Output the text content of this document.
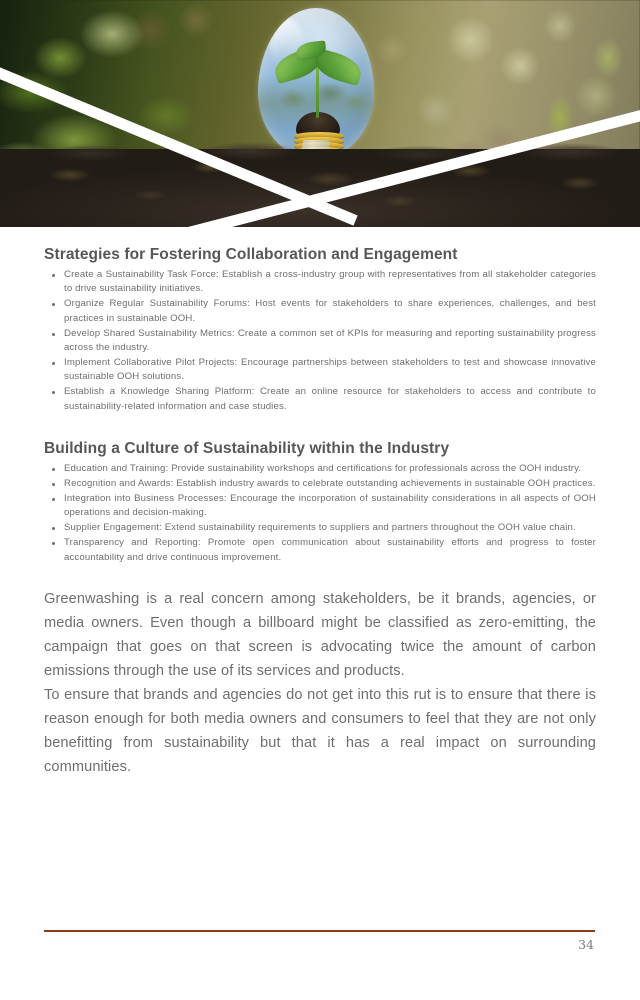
Strategies for Fostering Collaboration and Engagement
Create a Sustainability Task Force: Establish a cross-industry group with representatives from all stakeholder categories to drive sustainability initiatives.
Organize Regular Sustainability Forums: Host events for stakeholders to share experiences, challenges, and best practices in sustainable OOH.
Develop Shared Sustainability Metrics: Create a common set of KPIs for measuring and reporting sustainability progress across the industry.
Implement Collaborative Pilot Projects: Encourage partnerships between stakeholders to test and showcase innovative sustainable OOH solutions.
Establish a Knowledge Sharing Platform: Create an online resource for stakeholders to access and contribute to sustainability-related information and case studies.
Building a Culture of Sustainability within the Industry
Education and Training: Provide sustainability workshops and certifications for professionals across the OOH industry.
Recognition and Awards: Establish industry awards to celebrate outstanding achievements in sustainable OOH practices.
Integration into Business Processes: Encourage the incorporation of sustainability considerations in all aspects of OOH operations and decision-making.
Supplier Engagement: Extend sustainability requirements to suppliers and partners throughout the OOH value chain.
Transparency and Reporting: Promote open communication about sustainability efforts and progress to foster accountability and drive continuous improvement.

Greenwashing is a real concern among stakeholders, be it brands, agencies, or media owners. Even though a billboard might be classified as zero-emitting, the campaign that goes on that screen is advocating twice the amount of carbon emissions through the use of its services and products.

To ensure that brands and agencies do not get into this rut is to ensure that there is reason enough for both media owners and consumers to feel that they are not only benefitting from sustainability but that it has a real impact on surrounding communities.

34
